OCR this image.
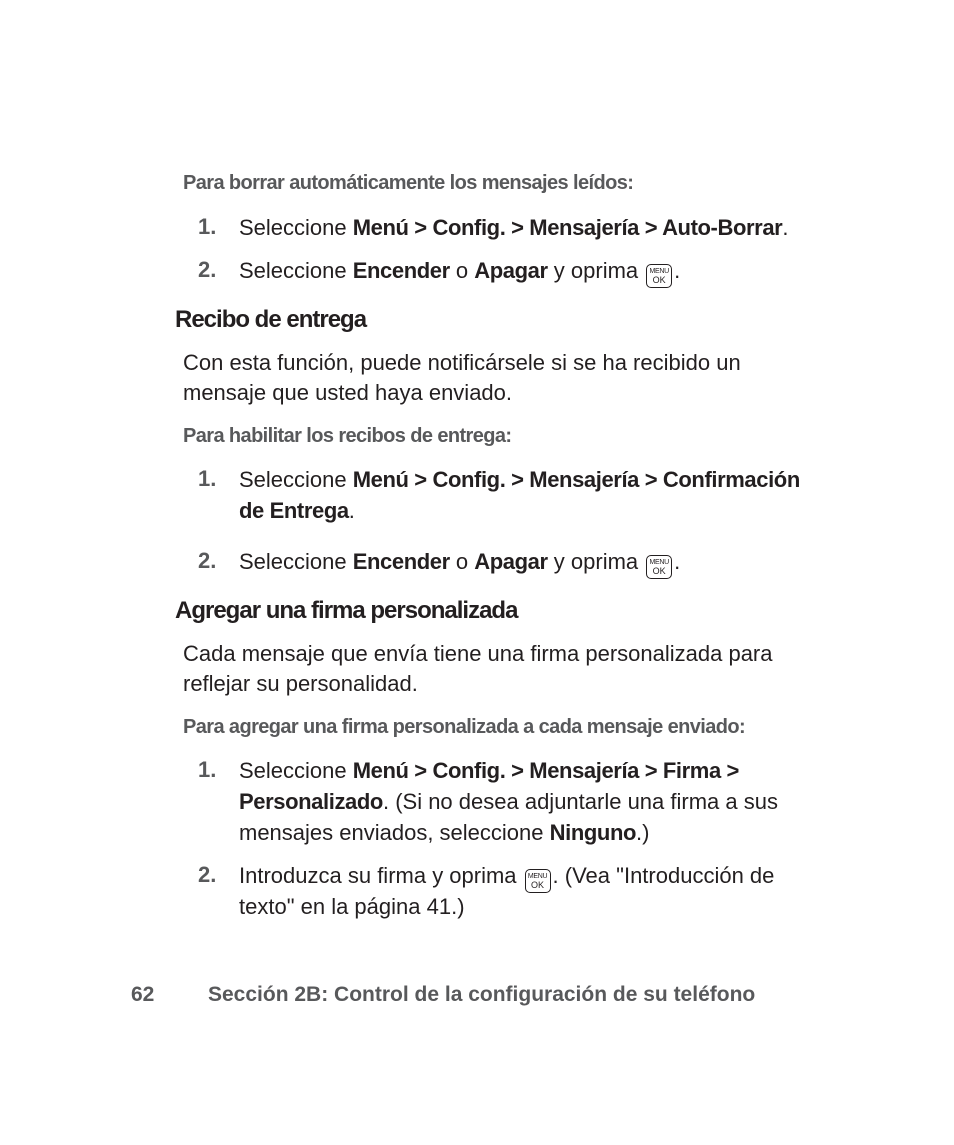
Para borrar automáticamente los mensajes leídos:
1. Seleccione Menú > Config. > Mensajería > Auto-Borrar.
2. Seleccione Encender o Apagar y oprima	MENU
OK .
Recibo de entrega
Con esta función, puede notificársele si se ha recibido un
mensaje que usted haya enviado.
Para habilitar los recibos de entrega:
1. Seleccione Menú > Config. > Mensajería > Confirmación
de Entrega.
2. Seleccione Encender o Apagar y oprima	MENU
OK .
Agregar una firma personalizada
Cada mensaje que envía tiene una firma personalizada para
reflejar su personalidad.
Para agregar una firma personalizada a cada mensaje enviado:
1. Seleccione Menú > Config. > Mensajería > Firma >
Personalizado. (Si no desea adjuntarle una firma a sus
mensajes enviados, seleccione Ninguno.)
2. Introduzca su firma y oprima	MENU
OK . (Vea "Introducción de
texto" en la página 41.)
62	Sección 2B: Control de la configuración de su teléfono
